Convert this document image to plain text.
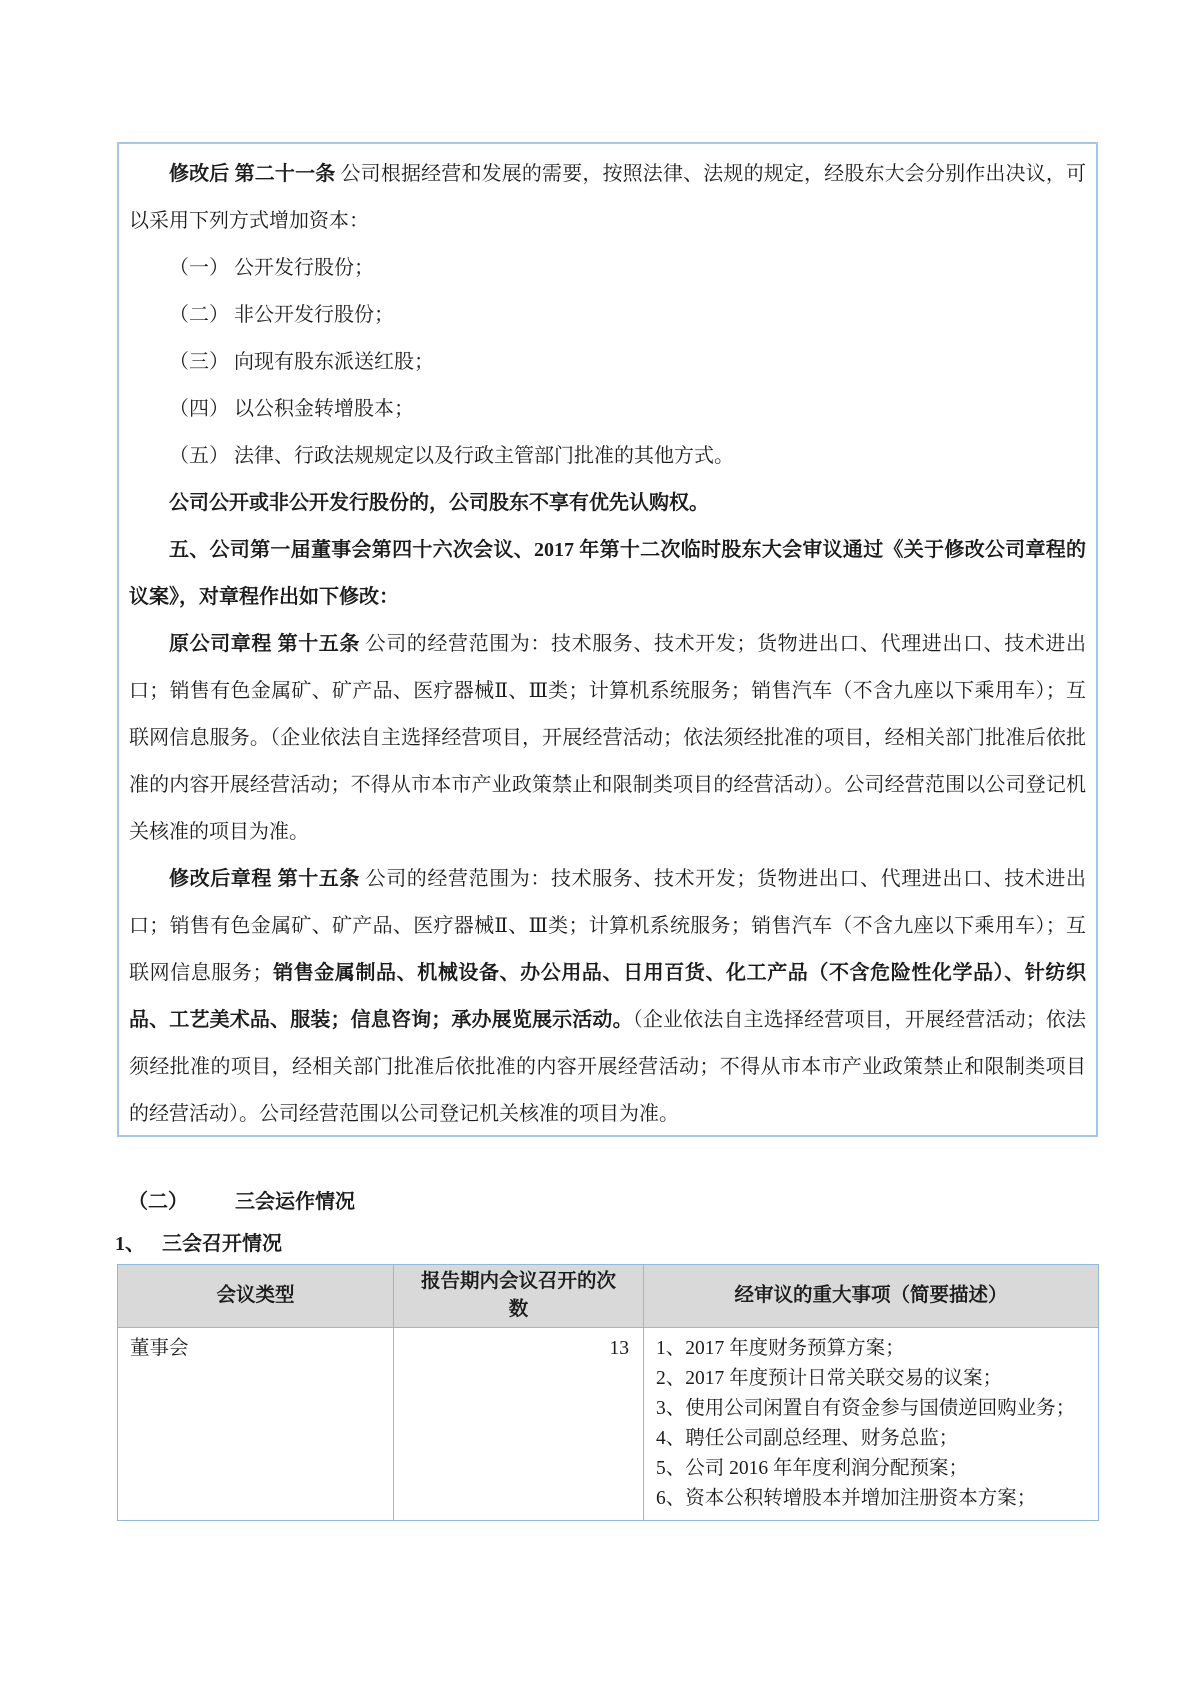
修改后 第二十一条 公司根据经营和发展的需要，按照法律、法规的规定，经股东大会分别作出决议，可以采用下列方式增加资本：

（一） 公开发行股份；

（二） 非公开发行股份；

（三） 向现有股东派送红股；

（四） 以公积金转增股本；

（五） 法律、行政法规规定以及行政主管部门批准的其他方式。

公司公开或非公开发行股份的，公司股东不享有优先认购权。

五、公司第一届董事会第四十六次会议、2017 年第十二次临时股东大会审议通过《关于修改公司章程的议案》，对章程作出如下修改：

原公司章程 第十五条 公司的经营范围为：技术服务、技术开发；货物进出口、代理进出口、技术进出口；销售有色金属矿、矿产品、医疗器械Ⅱ、Ⅲ类；计算机系统服务；销售汽车（不含九座以下乘用车）；互联网信息服务。（企业依法自主选择经营项目，开展经营活动；依法须经批准的项目，经相关部门批准后依批准的内容开展经营活动；不得从市本市产业政策禁止和限制类项目的经营活动）。公司经营范围以公司登记机关核准的项目为准。

修改后章程 第十五条 公司的经营范围为：技术服务、技术开发；货物进出口、代理进出口、技术进出口；销售有色金属矿、矿产品、医疗器械Ⅱ、Ⅲ类；计算机系统服务；销售汽车（不含九座以下乘用车）；互联网信息服务；销售金属制品、机械设备、办公用品、日用百货、化工产品（不含危险性化学品）、针纺织品、工艺美术品、服装；信息咨询；承办展览展示活动。（企业依法自主选择经营项目，开展经营活动；依法须经批准的项目，经相关部门批准后依批准的内容开展经营活动；不得从市本市产业政策禁止和限制类项目的经营活动）。公司经营范围以公司登记机关核准的项目为准。

（二） 三会运作情况
1、 三会召开情况
会议类型	报告期内会议召开的次数	经审议的重大事项（简要描述）
董事会	13	1、2017 年度财务预算方案；
2、2017 年度预计日常关联交易的议案；
3、使用公司闲置自有资金参与国债逆回购业务；
4、聘任公司副总经理、财务总监；
5、公司 2016 年年度利润分配预案；
6、资本公积转增股本并增加注册资本方案；
